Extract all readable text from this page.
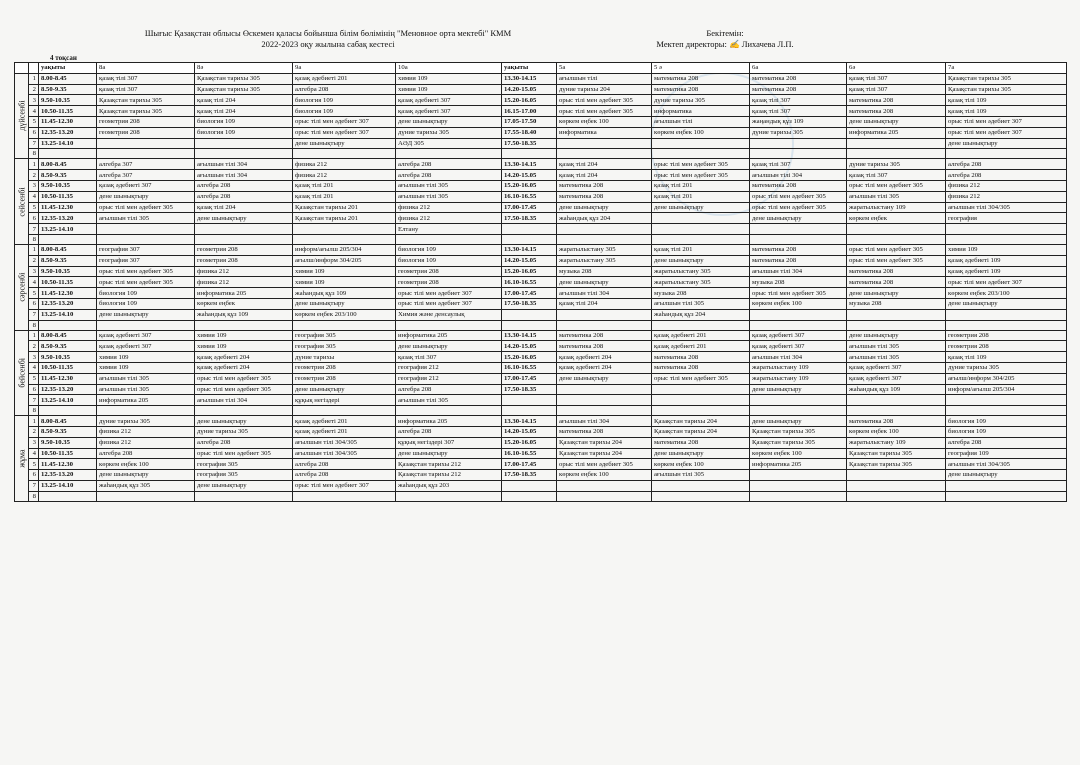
Шығыс Қазақстан облысы Өскемен қаласы бойынша білім бөлімінің "Меновное орта мектебі" КММ
2022-2023 оқу жылына сабақ кестесі
Бекітемін:
Мектеп директоры: ✍ Лихачева Л.П.
4 тоқсан
		уақыты	8а	8ә	9а	10а	уақыты	5а	5 ә	6а	6ә	7а
дүйсенбі	1	8.00-8.45	қазақ тілі 307	Қазақстан тарихы 305	қазақ әдебиеті 201	химия 109	13.30-14.15	ағылшын тілі	математика 208	математика 208	қазақ тілі 307	Қазақстан тарихы 305
	2	8.50-9.35	қазақ тілі 307	Қазақстан тарихы 305	алгебра 208	химия 109	14.20-15.05	дүние тарихы 204	математика 208	математика 208	қазақ тілі 307	Қазақстан тарихы 305
	3	9.50-10.35	Қазақстан тарихы 305	қазақ тілі 204	биология 109	қазақ әдебиеті 307	15.20-16.05	орыс тілі мен әдебиет 305	дүние тарихы 305	қазақ тілі 307	математика 208	қазақ тілі 109
	4	10.50-11.35	Қазақстан тарихы 305	қазақ тілі 204	биология 109	қазақ әдебиеті 307	16.15-17.00	орыс тілі мен әдебиет 305	информатика	қазақ тілі 307	математика 208	қазақ тілі 109
	5	11.45-12.30	геометрия 208	биология 109	орыс тілі мен әдебиет 307	дене шынықтыру	17.05-17.50	көркем еңбек 100	ағылшын тілі	жаңандық құз 109	дене шынықтыру	орыс тілі мен әдебиет 307
	6	12.35-13.20	геометрия 208	биология 109	орыс тілі мен әдебиет 307	дүние тарихы 305	17.55-18.40	информатика	көркем еңбек 100	дүние тарихы 305	информатика 205	орыс тілі мен әдебиет 307
	7	13.25-14.10			дене шынықтыру	АӘД 305	17.50-18.35					дене шынықтыру
	8											
сейсенбі	1	8.00-8.45	алгебра 307	ағылшын тілі 304	физика 212	алгебра 208	13.30-14.15	қазақ тілі 204	орыс тілі мен әдебиет 305	қазақ тілі 307	дүние тарихы 305	алгебра 208
	2	8.50-9.35	алгебра 307	ағылшын тілі 304	физика 212	алгебра 208	14.20-15.05	қазақ тілі 204	орыс тілі мен әдебиет 305	ағылшын тілі 304	қазақ тілі 307	алгебра 208
	3	9.50-10.35	қазақ әдебиеті 307	алгебра 208	қазақ тілі 201	ағылшын тілі 305	15.20-16.05	математика 208	қазақ тілі 201	математика 208	орыс тілі мен әдебиет 305	физика 212
	4	10.50-11.35	дене шынықтыру	алгебра 208	қазақ тілі 201	ағылшын тілі 305	16.10-16.55	математика 208	қазақ тілі 201	орыс тілі мен әдебиет 305	ағылшын тілі 305	физика 212
	5	11.45-12.30	орыс тілі мен әдебиет 305	қазақ тілі 204	Қазақстан тарихы 201	физика 212	17.00-17.45	дене шынықтыру	дене шынықтыру	орыс тілі мен әдебиет 305	жаратылыстану 109	ағылшын тілі 304/305
	6	12.35-13.20	ағылшын тілі 305	дене шынықтыру	Қазақстан тарихы 201	физика 212	17.50-18.35	жаһандық құз 204		дене шынықтыру	көркем еңбек	география
	7	13.25-14.10				Елтану						
	8											
сәрсенбі	1	8.00-8.45	география 307	геометрия 208	информ/ағылш 205/304	биология 109	13.30-14.15	жаратылыстану 305	қазақ тілі 201	математика 208	орыс тілі мен әдебиет 305	химия 109
	2	8.50-9.35	география 307	геометрия 208	ағылш/информ 304/205	биология 109	14.20-15.05	жаратылыстану 305	дене шынықтыру	математика 208	орыс тілі мен әдебиет 305	қазақ әдебиеті 109
	3	9.50-10.35	орыс тілі мен әдебиет 305	физика 212	химия 109	геометрия 208	15.20-16.05	музыка 208	жаратылыстану 305	ағылшын тілі 304	математика 208	қазақ әдебиеті 109
	4	10.50-11.35	орыс тілі мен әдебиет 305	физика 212	химия 109	геометрия 208	16.10-16.55	дене шынықтыру	жаратылыстану 305	музыка 208	математика 208	орыс тілі мен әдебиет 307
	5	11.45-12.30	биология 109	информатика 205	жаһандық құз 109	орыс тілі мен әдебиет 307	17.00-17.45	ағылшын тілі 304	музыка 208	орыс тілі мен әдебиет 305	дене шынықтыру	көркем еңбек 203/100
	6	12.35-13.20	биология 109	көркем еңбек	дене шынықтыру	орыс тілі мен әдебиет 307	17.50-18.35	қазақ тілі 204	ағылшын тілі 305	көркем еңбек 100	музыка 208	дене шынықтыру
	7	13.25-14.10	дене шынықтыру	жаһандық құз 109	көркем еңбек 203/100	Химия және денсаулық			жаһандық құз 204			
	8											
бейсенбі	1	8.00-8.45	қазақ әдебиеті 307	химия 109	география 305	информатика 205	13.30-14.15	математика 208	қазақ әдебиеті 201	қазақ әдебиеті 307	дене шынықтыру	геометрия 208
	2	8.50-9.35	қазақ әдебиеті 307	химия 109	география 305	дене шынықтыру	14.20-15.05	математика 208	қазақ әдебиеті 201	қазақ әдебиеті 307	ағылшын тілі 305	геометрия 208
	3	9.50-10.35	химия 109	қазақ әдебиеті 204	дүние тарихы	қазақ тілі 307	15.20-16.05	қазақ әдебиеті 204	математика 208	ағылшын тілі 304	ағылшын тілі 305	қазақ тілі 109
	4	10.50-11.35	химия 109	қазақ әдебиеті 204	геометрия 208	география 212	16.10-16.55	қазақ әдебиеті 204	математика 208	жаратылыстану 109	қазақ әдебиеті 307	дүние тарихы 305
	5	11.45-12.30	ағылшын тілі 305	орыс тілі мен әдебиет 305	геометрия 208	география 212	17.00-17.45	дене шынықтыру	орыс тілі мен әдебиет 305	жаратылыстану 109	қазақ әдебиеті 307	ағылш/информ 304/205
	6	12.35-13.20	ағылшын тілі 305	орыс тілі мен әдебиет 305	дене шынықтыру	алгебра 208	17.50-18.35			дене шынықтыру	жаһандық құз 109	информ/ағылш 205/304
	7	13.25-14.10	информатика 205	ағылшын тілі 304	құқық негіздері	ағылшын тілі 305						
	8											
жұма	1	8.00-8.45	дүние тарихы 305	дене шынықтыру	қазақ әдебиеті 201	информатика 205	13.30-14.15	ағылшын тілі 304	Қазақстан тарихы 204	дене шынықтыру	математика 208	биология 109
	2	8.50-9.35	физика 212	дүние тарихы 305	қазақ әдебиеті 201	алгебра 208	14.20-15.05	математика 208	Қазақстан тарихы 204	Қазақстан тарихы 305	көркем еңбек 100	биология 109
	3	9.50-10.35	физика 212	алгебра 208	ағылшын тілі 304/305	құқық негіздері 307	15.20-16.05	Қазақстан тарихы 204	математика 208	Қазақстан тарихы 305	жаратылыстану 109	алгебра 208
	4	10.50-11.35	алгебра 208	орыс тілі мен әдебиет 305	ағылшын тілі 304/305	дене шынықтыру	16.10-16.55	Қазақстан тарихы 204	дене шынықтыру	көркем еңбек 100	Қазақстан тарихы 305	география 109
	5	11.45-12.30	көркем еңбек 100	география 305	алгебра 208	Қазақстан тарихы 212	17.00-17.45	орыс тілі мен әдебиет 305	көркем еңбек 100	информатика 205	Қазақстан тарихы 305	ағылшын тілі 304/305
	6	12.35-13.20	дене шынықтыру	география 305	алгебра 208	Қазақстан тарихы 212	17.50-18.35	көркем еңбек 100	ағылшын тілі 305			дене шынықтыру
	7	13.25-14.10	жаһандық құз 305	дене шынықтыру	орыс тілі мен әдебиет 307	жаһандық құз 203						
	8											
